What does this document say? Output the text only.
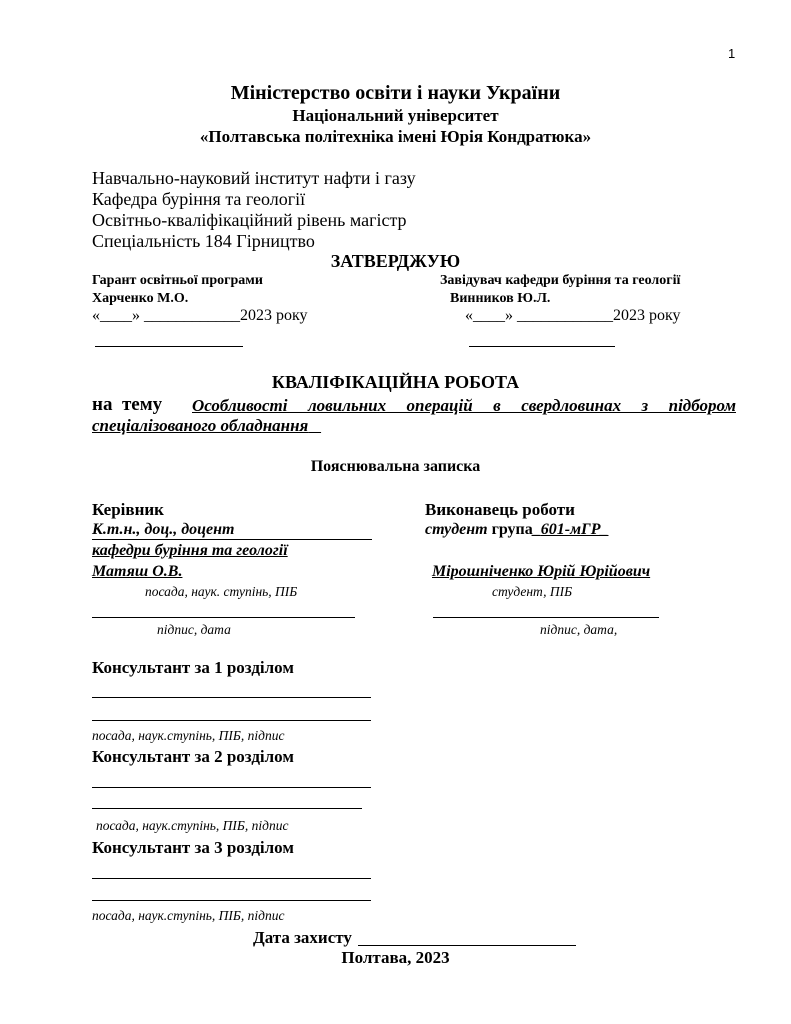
1
Міністерство освіти і науки України
Національний університет
«Полтавська політехніка імені Юрія Кондратюка»
Навчально-науковий інститут нафти і газу
Кафедра буріння та геології
Освітньо-кваліфікаційний рівень магістр
Спеціальність 184 Гірництво
ЗАТВЕРДЖУЮ
Гарант освітньої програми
Харченко М.О.
«____» ____________2023 року
Завідувач кафедри буріння та геології
Винников Ю.Л.
«____» ____________2023 року
КВАЛІФІКАЦІЙНА РОБОТА
на  тему Особливості  ловильних  операцій  в  свердловинах  з  підбором
спеціалізованого обладнання
Пояснювальна записка
Керівник
К.т.н., доц., доцент
кафедри буріння та геології
Матяш О.В.
посада, наук. ступінь, ПІБ
підпис, дата
Виконавець роботи
студент група_601-мГР_
Мірошніченко Юрій Юрійович
студент, ПІБ
підпис, дата,
Консультант за 1 розділом
посада, наук.ступінь, ПІБ, підпис
Консультант за 2 розділом
посада, наук.ступінь, ПІБ, підпис
Консультант за 3 розділом
посада, наук.ступінь, ПІБ, підпис
Дата захисту
Полтава, 2023
